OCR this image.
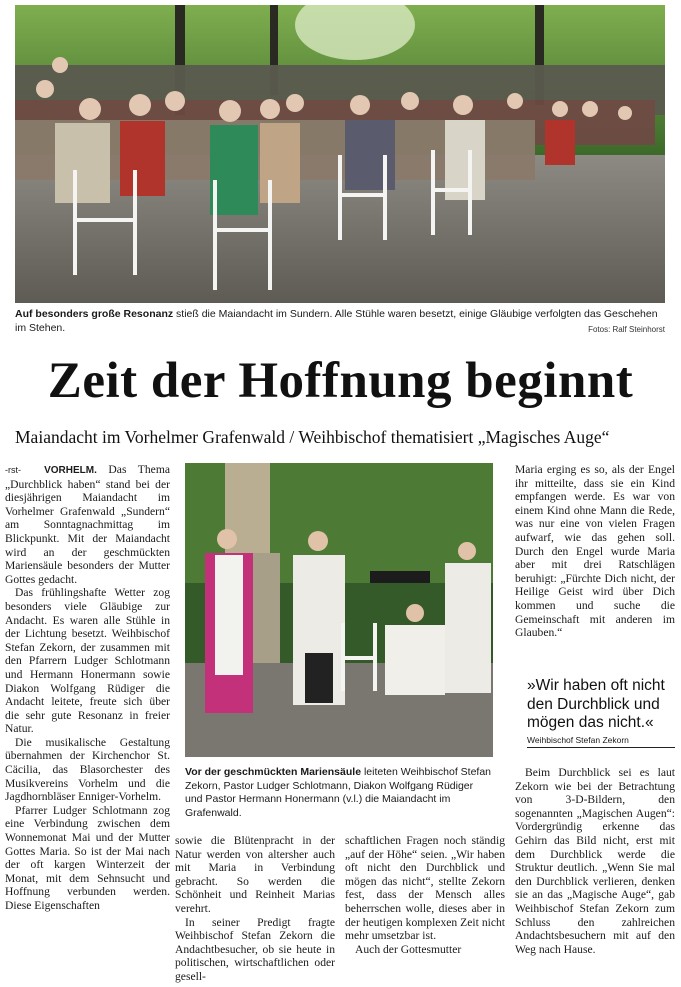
Auf besonders große Resonanz stieß die Maiandacht im Sundern. Alle Stühle waren besetzt, einige Gläubige verfolgten das Geschehen im Stehen.	Fotos: Ralf Steinhorst
Zeit der Hoffnung beginnt
Maiandacht im Vorhelmer Grafenwald / Weihbischof thematisiert „Magisches Auge“

-rst- VORHELM. Das Thema „Durchblick haben“ stand bei der diesjährigen Maiandacht im Vorhelmer Grafenwald „Sundern“ am Sonntagnachmittag im Blickpunkt. Mit der Maiandacht wird an der geschmückten Mariensäule besonders der Mutter Gottes gedacht.

Das frühlingshafte Wetter zog besonders viele Gläubige zur Andacht. Es waren alle Stühle in der Lichtung besetzt. Weihbischof Stefan Zekorn, der zusammen mit den Pfarrern Ludger Schlotmann und Hermann Honermann sowie Diakon Wolfgang Rüdiger die Andacht leitete, freute sich über die sehr gute Resonanz in freier Natur.

Die musikalische Gestaltung übernahmen der Kirchenchor St. Cäcilia, das Blasorchester des Musikvereins Vorhelm und die Jagdhornbläser Enniger-Vorhelm.

Pfarrer Ludger Schlotmann zog eine Verbindung zwischen dem Wonnemonat Mai und der Mutter Gottes Maria. So ist der Mai nach der oft kargen Winterzeit der Monat, mit dem Sehnsucht und Hoffnung verbunden werden. Diese Eigenschaften

Vor der geschmückten Mariensäule leiteten Weihbischof Stefan Zekorn, Pastor Ludger Schlotmann, Diakon Wolfgang Rüdiger und Pastor Hermann Honermann (v.l.) die Maiandacht im Grafenwald.

sowie die Blütenpracht in der Natur werden von altersher auch mit Maria in Verbindung gebracht. So werden die Schönheit und Reinheit Marias verehrt.

In seiner Predigt fragte Weihbischof Stefan Zekorn die Andachtbesucher, ob sie heute in politischen, wirtschaftlichen oder gesell-

schaftlichen Fragen noch ständig „auf der Höhe“ seien. „Wir haben oft nicht den Durchblick und mögen das nicht“, stellte Zekorn fest, dass der Mensch alles beherrschen wolle, dieses aber in der heutigen komplexen Zeit nicht mehr umsetzbar ist.

Auch der Gottesmutter

Maria erging es so, als der Engel ihr mitteilte, dass sie ein Kind empfangen werde. Es war von einem Kind ohne Mann die Rede, was nur eine von vielen Fragen aufwarf, wie das gehen soll. Durch den Engel wurde Maria aber mit drei Ratschlägen beruhigt: „Fürchte Dich nicht, der Heilige Geist wird über Dich kommen und suche die Gemeinschaft mit anderen im Glauben.“

»Wir haben oft nicht den Durchblick und mögen das nicht.«
Weihbischof Stefan Zekorn

Beim Durchblick sei es laut Zekorn wie bei der Betrachtung von 3-D-Bildern, den sogenannten „Magischen Augen“: Vordergründig erkenne das Gehirn das Bild nicht, erst mit dem Durchblick werde die Struktur deutlich. „Wenn Sie mal den Durchblick verlieren, denken sie an das „Magische Auge“, gab Weihbischof Stefan Zekorn zum Schluss den zahlreichen Andachtsbesuchern mit auf den Weg nach Hause.
